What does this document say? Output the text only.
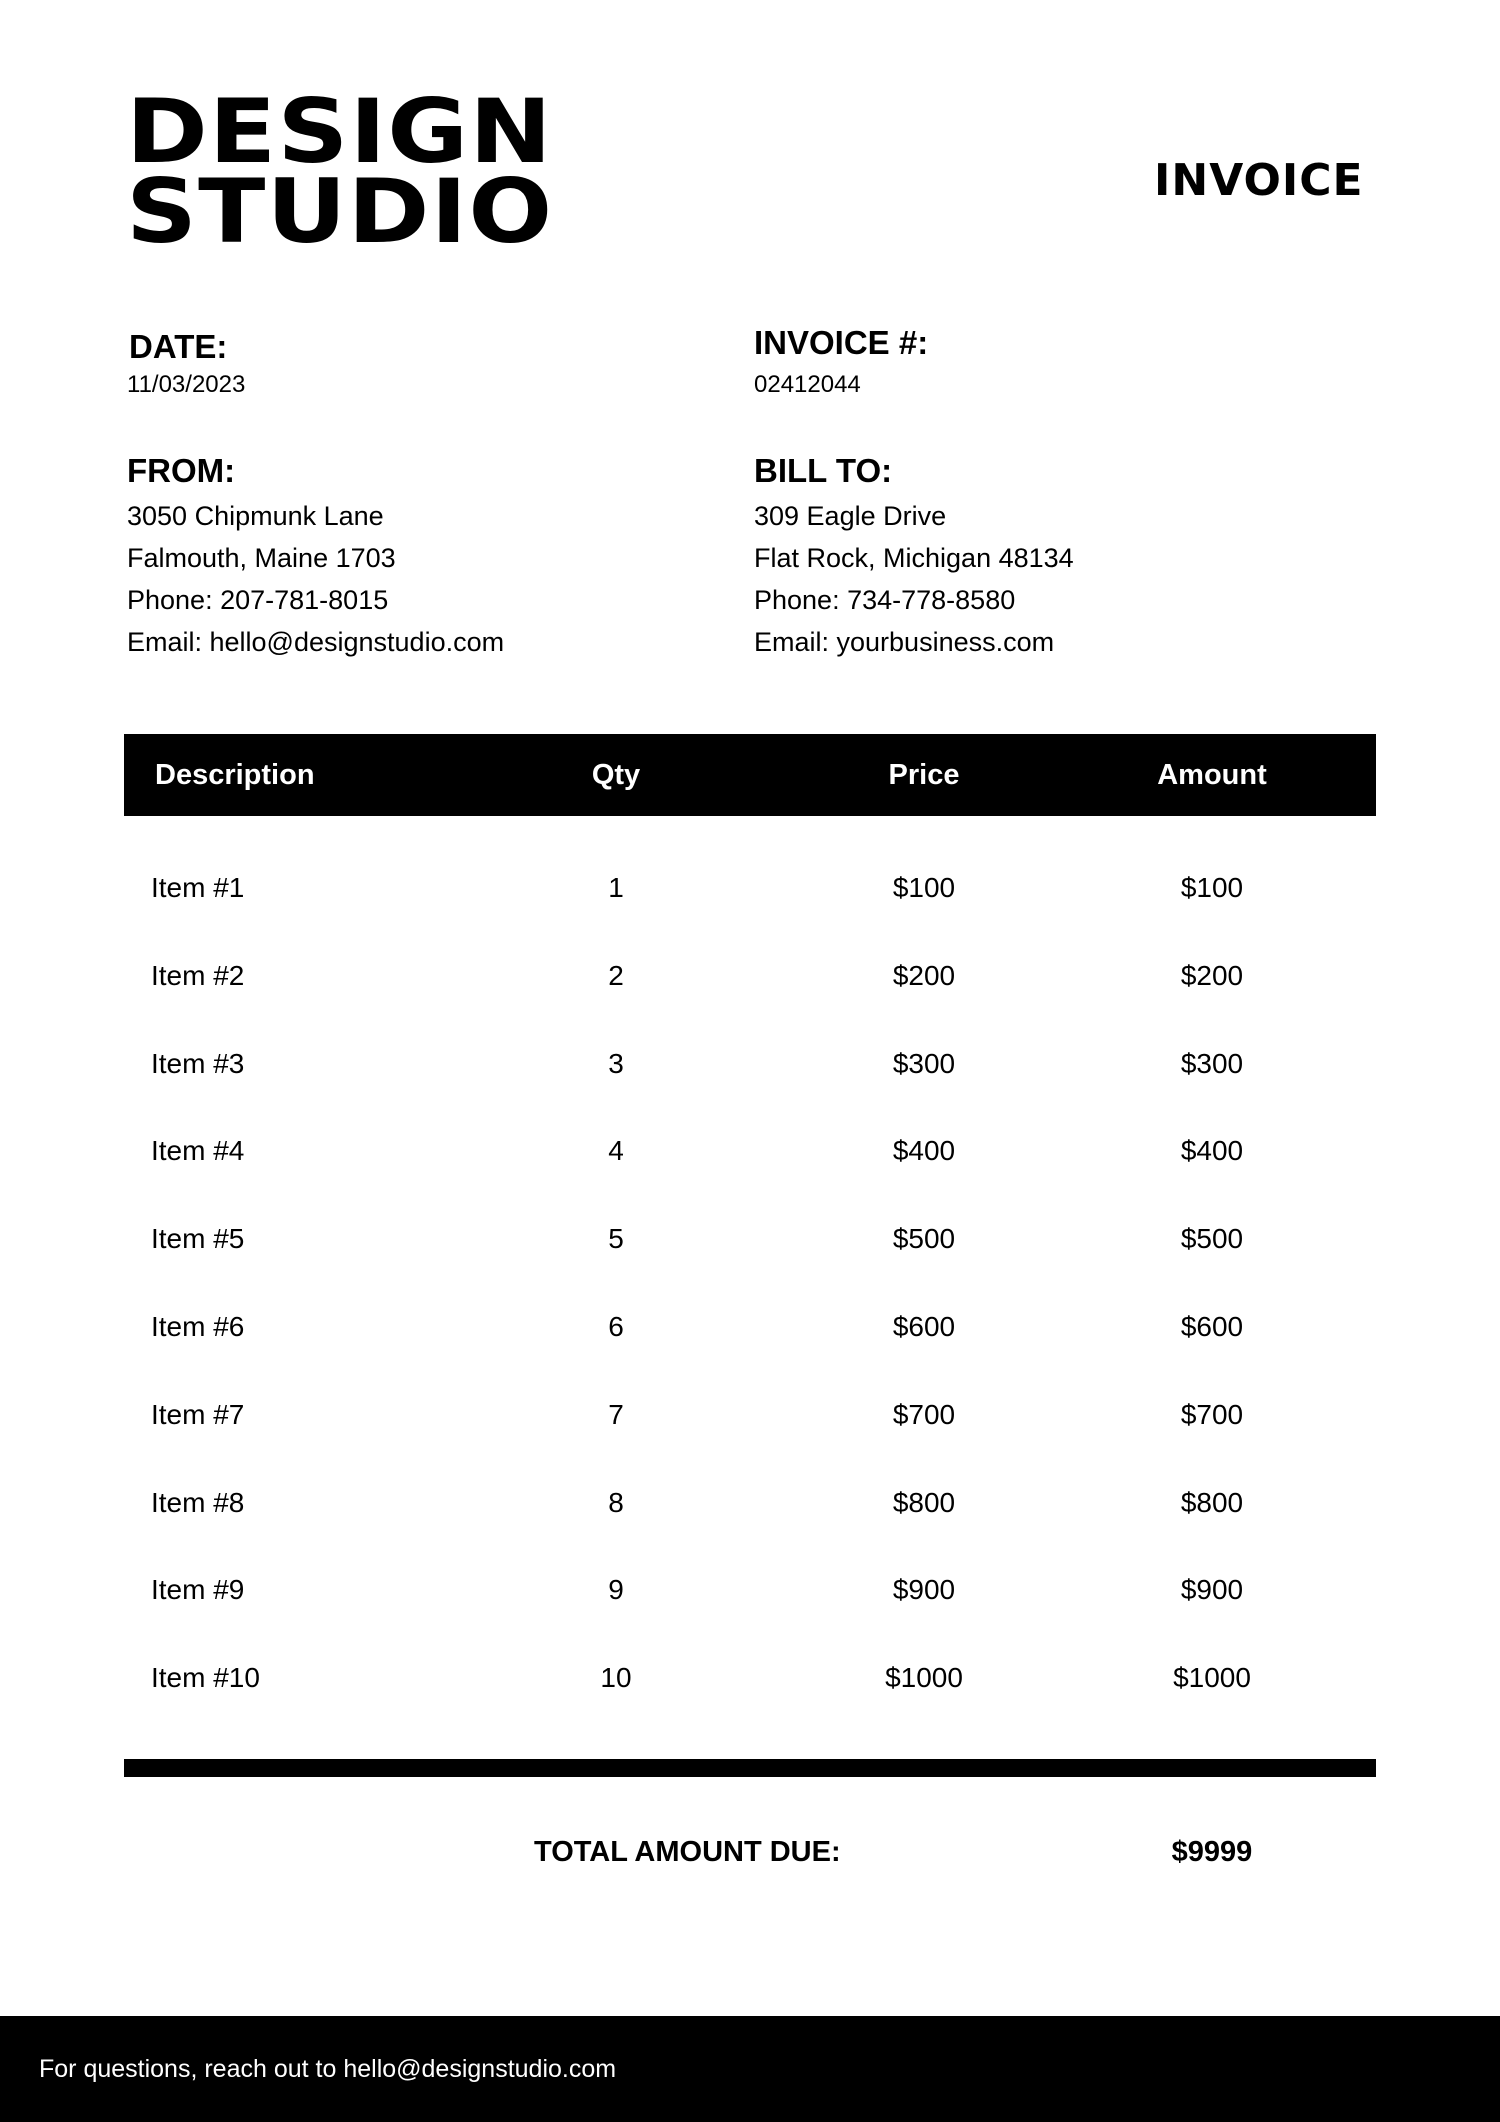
DESIGN
STUDIO	INVOICE
DATE:
11/03/2023
INVOICE #:
02412044
FROM:
3050 Chipmunk Lane
Falmouth, Maine 1703
Phone: 207-781-8015
Email: hello@designstudio.com
BILL TO:
309 Eagle Drive
Flat Rock, Michigan 48134
Phone: 734-778-8580
Email: yourbusiness.com
Description	Qty	Price	Amount
Item #1	1	$100	$100
Item #2	2	$200	$200
Item #3	3	$300	$300
Item #4	4	$400	$400
Item #5	5	$500	$500
Item #6	6	$600	$600
Item #7	7	$700	$700
Item #8	8	$800	$800
Item #9	9	$900	$900
Item #10	10	$1000	$1000
TOTAL AMOUNT DUE:	$9999
For questions, reach out to hello@designstudio.com
